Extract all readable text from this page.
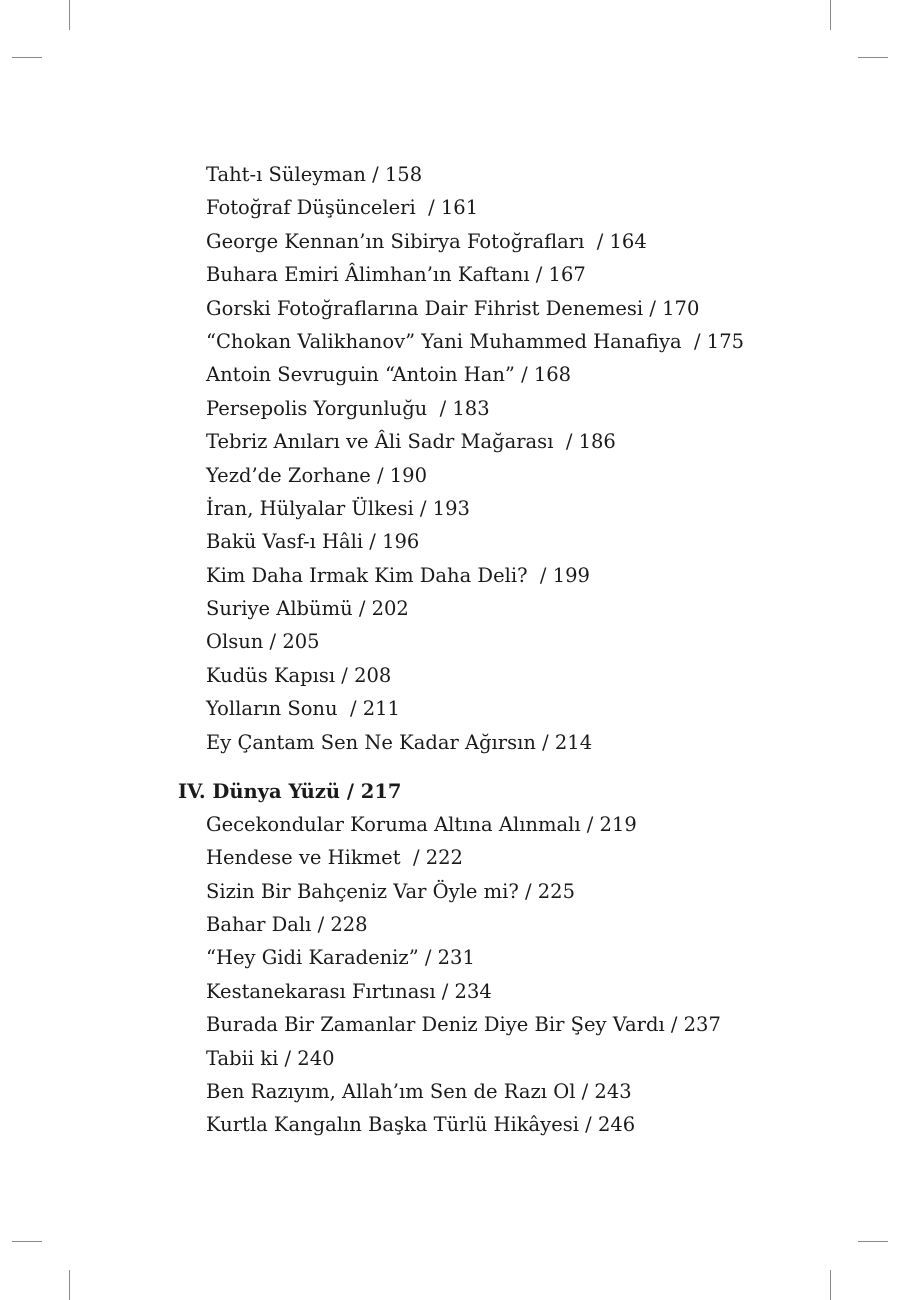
Taht-ı Süleyman / 158
Fotoğraf Düşünceleri  / 161
George Kennan’ın Sibirya Fotoğrafları  / 164
Buhara Emiri Âlimhan’ın Kaftanı / 167
Gorski Fotoğraflarına Dair Fihrist Denemesi / 170
“Chokan Valikhanov” Yani Muhammed Hanafiya  / 175
Antoin Sevruguin “Antoin Han” / 168
Persepolis Yorgunluğu  / 183
Tebriz Anıları ve Âli Sadr Mağarası  / 186
Yezd’de Zorhane / 190
İran, Hülyalar Ülkesi / 193
Bakü Vasf-ı Hâli / 196
Kim Daha Irmak Kim Daha Deli?  / 199
Suriye Albümü / 202
Olsun / 205
Kudüs Kapısı / 208
Yolların Sonu  / 211
Ey Çantam Sen Ne Kadar Ağırsın / 214
IV. Dünya Yüzü / 217
Gecekondular Koruma Altına Alınmalı / 219
Hendese ve Hikmet  / 222
Sizin Bir Bahçeniz Var Öyle mi? / 225
Bahar Dalı / 228
“Hey Gidi Karadeniz” / 231
Kestanekarası Fırtınası / 234
Burada Bir Zamanlar Deniz Diye Bir Şey Vardı / 237
Tabii ki / 240
Ben Razıyım, Allah’ım Sen de Razı Ol / 243
Kurtla Kangalın Başka Türlü Hikâyesi / 246
